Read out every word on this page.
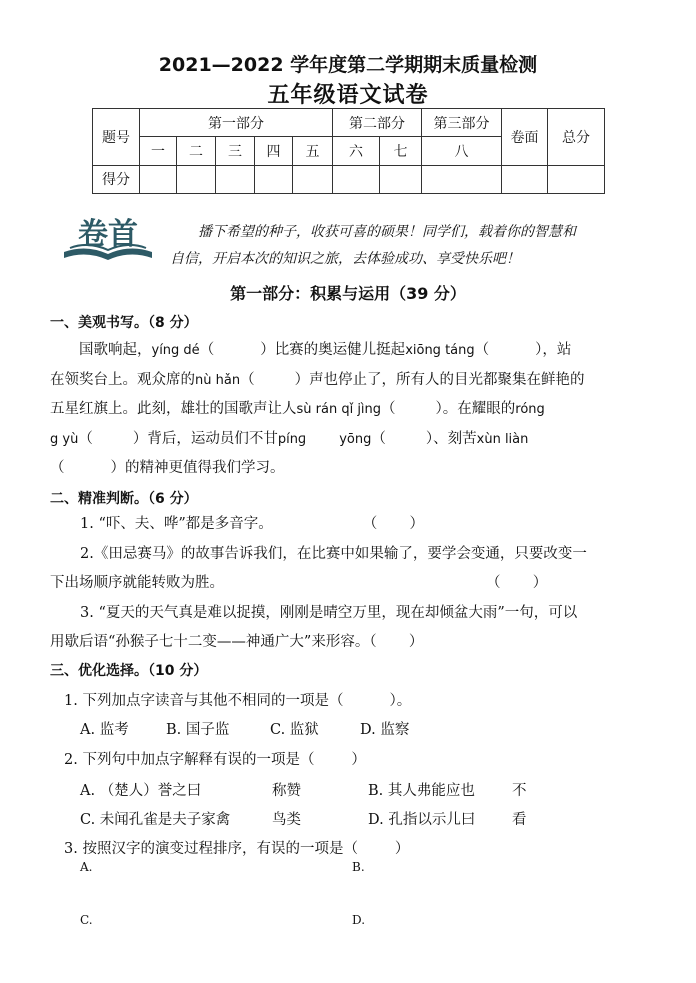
2021—2022 学年度第二学期期末质量检测
五年级语文试卷
题号	第一部分					第二部分		第三部分	卷面	总分
	一	二	三	四	五	六	七	八		
得分										
卷首	播下希望的种子，收获可喜的硕果！同学们，载着你的智慧和

自信，开启本次的知识之旅，去体验成功、享受快乐吧！

第一部分：积累与运用（39 分）
一、美观书写。（8 分）

国歌响起，yíng dé（	）比赛的奥运健儿挺起xiōng táng（	），站

在领奖台上。观众席的nù hǎn（	）声也停止了，所有人的目光都聚集在鲜艳的

五星红旗上。此刻，雄壮的国歌声让人sù rán qǐ jìng（	）。在耀眼的róng

g yù（	）背后，运动员们不甘pínɡ        yōng（	）、刻苦xùn liàn

（	）的精神更值得我们学习。

二、精准判断。（6 分）
1. “吓、夫、哗”都是多音字。	（       ）
2.《田忌赛马》的故事告诉我们，在比赛中如果输了，要学会变通，只要改变一
下出场顺序就能转败为胜。	（       ）
3. “夏天的天气真是难以捉摸，刚刚是晴空万里，现在却倾盆大雨”一句，可以
用歇后语“孙猴子七十二变——神通广大”来形容。（       ）
三、优化选择。（10 分）
1. 下列加点字读音与其他不相同的一项是（          ）。
A. 监考	B. 国子监	C. 监狱	D. 监察
2. 下列句中加点字解释有误的一项是（        ）
A. （楚人）誉之曰	称赞	B. 其人弗能应也	不
C. 未闻孔雀是夫子家禽	鸟类	D. 孔指以示儿曰	看
3. 按照汉字的演变过程排序，有误的一项是（        ）
A.	B.
C.	D.
